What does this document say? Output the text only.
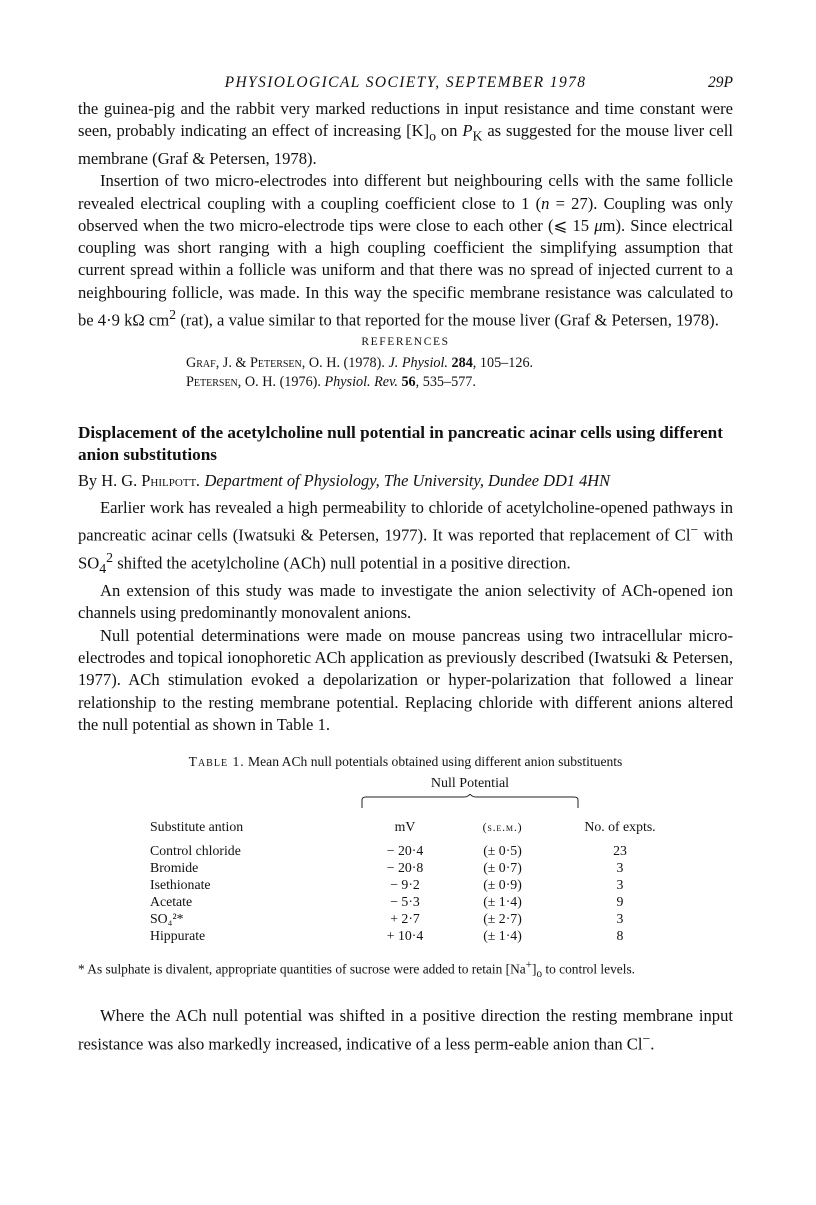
PHYSIOLOGICAL SOCIETY, SEPTEMBER 1978	29P

the guinea-pig and the rabbit very marked reductions in input resistance and time constant were seen, probably indicating an effect of increasing $[K]_o$ on $P_K$ as suggested for the mouse liver cell membrane (Graf & Petersen, 1978).

Insertion of two micro-electrodes into different but neighbouring cells with the same follicle revealed electrical coupling with a coupling coefficient close to 1 (n = 27). Coupling was only observed when the two micro-electrode tips were close to each other (⩽ 15 μm). Since electrical coupling was short ranging with a high coupling coefficient the simplifying assumption that current spread within a follicle was uniform and that there was no spread of injected current to a neighbouring follicle, was made. In this way the specific membrane resistance was calculated to be 4·9 kΩ $cm^2$ (rat), a value similar to that reported for the mouse liver (Graf & Petersen, 1978).

REFERENCES

Graf, J. & Petersen, O. H. (1978). J. Physiol. 284, 105–126.

Petersen, O. H. (1976). Physiol. Rev. 56, 535–577.

Displacement of the acetylcholine null potential in pancreatic acinar cells using different anion substitutions
By H. G. Philpott. Department of Physiology, The University, Dundee DD1 4HN

Earlier work has revealed a high permeability to chloride of acetylcholine-opened pathways in pancreatic acinar cells (Iwatsuki & Petersen, 1977). It was reported that replacement of Cl− with $SO_4^2$ shifted the acetylcholine (ACh) null potential in a positive direction.

An extension of this study was made to investigate the anion selectivity of ACh-opened ion channels using predominantly monovalent anions.

Null potential determinations were made on mouse pancreas using two intracellular micro-electrodes and topical ionophoretic ACh application as previously described (Iwatsuki & Petersen, 1977). ACh stimulation evoked a depolarization or hyper-polarization that followed a linear relationship to the resting membrane potential. Replacing chloride with different anions altered the null potential as shown in Table 1.

Table 1. Mean ACh null potentials obtained using different anion substituents
Null Potential
Substitute antion	mV	(s.e.m.)	No. of expts.
Control chloride	− 20·4	(± 0·5)	23
Bromide	− 20·8	(± 0·7)	3
Isethionate	− 9·2	(± 0·9)	3
Acetate	− 5·3	(± 1·4)	9
SO₄²*	+ 2·7	(± 2·7)	3
Hippurate	+ 10·4	(± 1·4)	8

* As sulphate is divalent, appropriate quantities of sucrose were added to retain $[Na^+]_o$ to control levels.

Where the ACh null potential was shifted in a positive direction the resting membrane input resistance was also markedly increased, indicative of a less perm-eable anion than Cl−.
